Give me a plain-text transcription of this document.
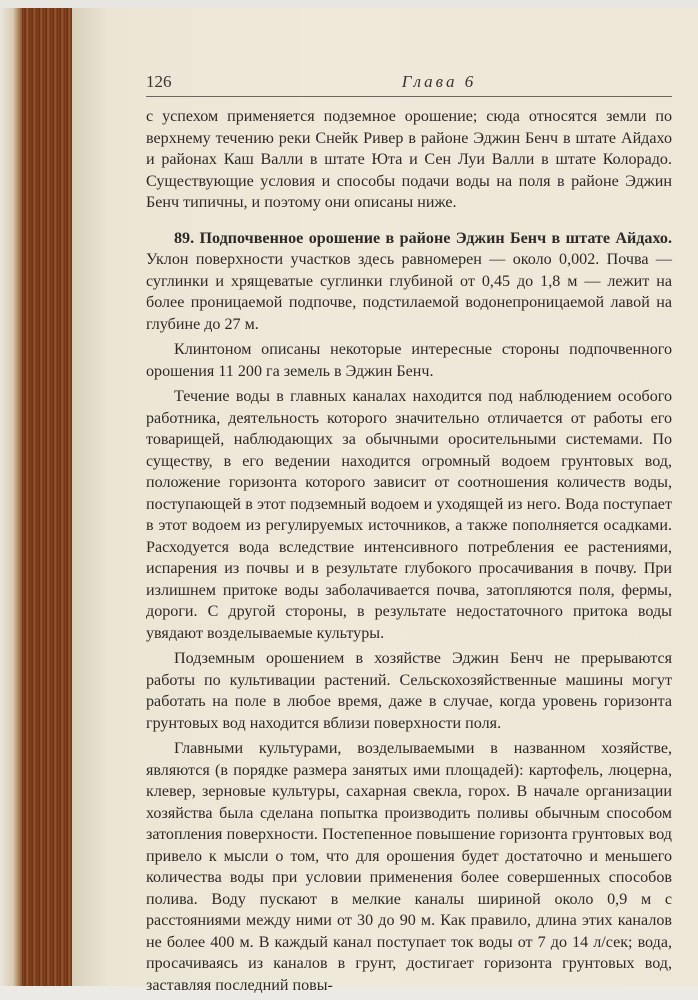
126	Глава 6

с успехом применяется подземное орошение; сюда относятся земли по верхнему течению реки Снейк Ривер в районе Эджин Бенч в штате Айдахо и районах Каш Валли в штате Юта и Сен Луи Валли в штате Колорадо. Существующие условия и способы подачи воды на поля в районе Эджин Бенч типичны, и поэтому они описаны ниже.

89. Подпочвенное орошение в районе Эджин Бенч в штате Айдахо. Уклон поверхности участков здесь равномерен — около 0,002. Почва — суглинки и хрящеватые суглинки глубиной от 0,45 до 1,8 м — лежит на более проницаемой подпочве, подстилаемой водонепроницаемой лавой на глубине до 27 м.

Клинтоном описаны некоторые интересные стороны подпочвенного орошения 11 200 га земель в Эджин Бенч.

Течение воды в главных каналах находится под наблюдением особого работника, деятельность которого значительно отличается от работы его товарищей, наблюдающих за обычными оросительными системами. По существу, в его ведении находится огромный водоем грунтовых вод, положение горизонта которого зависит от соотношения количеств воды, поступающей в этот подземный водоем и уходящей из него. Вода поступает в этот водоем из регулируемых источников, а также пополняется осадками. Расходуется вода вследствие интенсивного потребления ее растениями, испарения из почвы и в результате глубокого просачивания в почву. При излишнем притоке воды заболачивается почва, затопляются поля, фермы, дороги. С другой стороны, в результате недостаточного притока воды увядают возделываемые культуры.

Подземным орошением в хозяйстве Эджин Бенч не прерываются работы по культивации растений. Сельскохозяйственные машины могут работать на поле в любое время, даже в случае, когда уровень горизонта грунтовых вод находится вблизи поверхности поля.

Главными культурами, возделываемыми в названном хозяйстве, являются (в порядке размера занятых ими площадей): картофель, люцерна, клевер, зерновые культуры, сахарная свекла, горох. В начале организации хозяйства была сделана попытка производить поливы обычным способом затопления поверхности. Постепенное повышение горизонта грунтовых вод привело к мысли о том, что для орошения будет достаточно и меньшего количества воды при условии применения более совершенных способов полива. Воду пускают в мелкие каналы шириной около 0,9 м с расстояниями между ними от 30 до 90 м. Как правило, длина этих каналов не более 400 м. В каждый канал поступает ток воды от 7 до 14 л/сек; вода, просачиваясь из каналов в грунт, достигает горизонта грунтовых вод, заставляя последний повы-
